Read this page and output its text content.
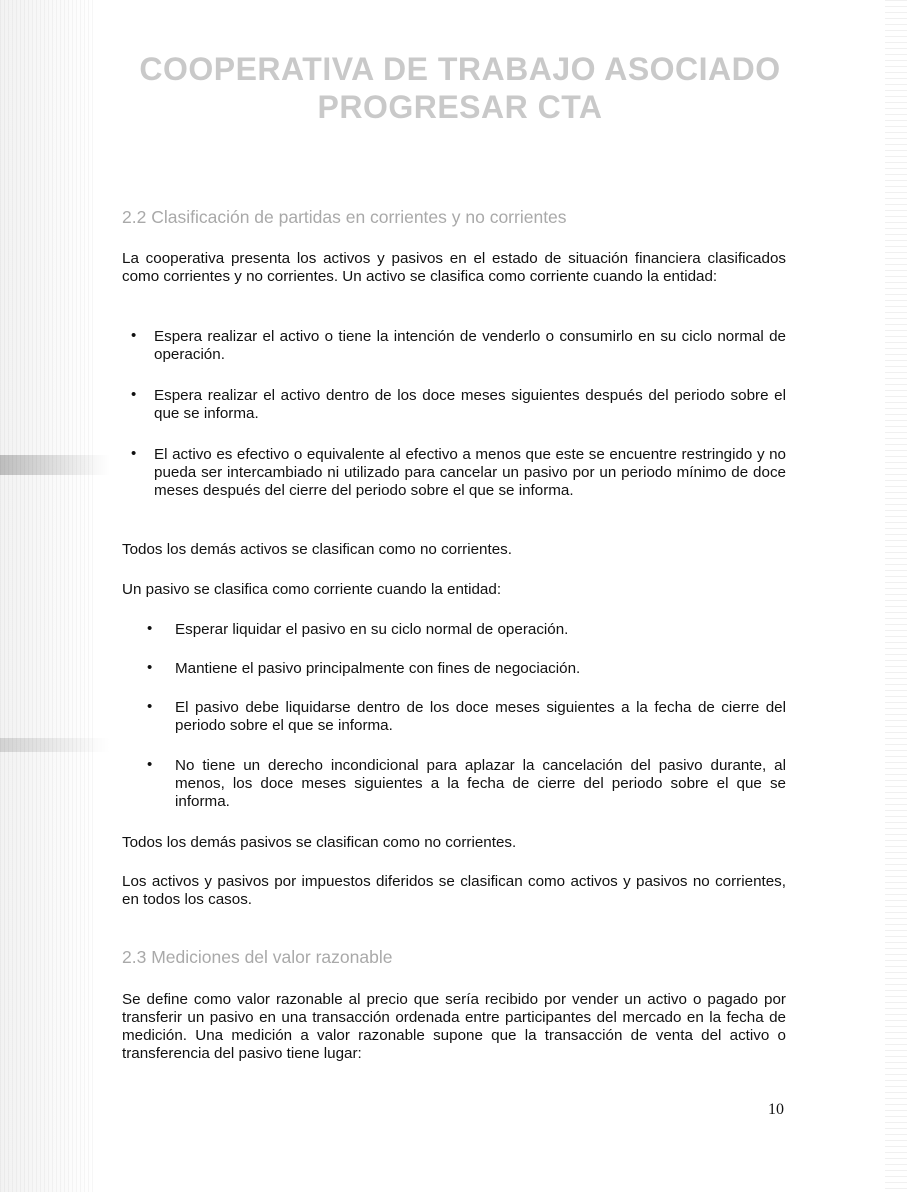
COOPERATIVA DE TRABAJO ASOCIADO
PROGRESAR CTA
2.2 Clasificación de partidas en corrientes y no corrientes

La cooperativa presenta los activos y pasivos en el estado de situación financiera clasificados como corrientes y no corrientes. Un activo se clasifica como corriente cuando la entidad:

• Espera realizar el activo o tiene la intención de venderlo o consumirlo en su ciclo normal de operación.
• Espera realizar el activo dentro de los doce meses siguientes después del periodo sobre el que se informa.
• El activo es efectivo o equivalente al efectivo a menos que este se encuentre restringido y no pueda ser intercambiado ni utilizado para cancelar un pasivo por un periodo mínimo de doce meses después del cierre del periodo sobre el que se informa.

Todos los demás activos se clasifican como no corrientes.

Un pasivo se clasifica como corriente cuando la entidad:

• Esperar liquidar el pasivo en su ciclo normal de operación.
• Mantiene el pasivo principalmente con fines de negociación.
• El pasivo debe liquidarse dentro de los doce meses siguientes a la fecha de cierre del periodo sobre el que se informa.
• No tiene un derecho incondicional para aplazar la cancelación del pasivo durante, al menos, los doce meses siguientes a la fecha de cierre del periodo sobre el que se informa.

Todos los demás pasivos se clasifican como no corrientes.

Los activos y pasivos por impuestos diferidos se clasifican como activos y pasivos no corrientes, en todos los casos.

2.3 Mediciones del valor razonable

Se define como valor razonable al precio que sería recibido por vender un activo o pagado por transferir un pasivo en una transacción ordenada entre participantes del mercado en la fecha de medición. Una medición a valor razonable supone que la transacción de venta del activo o transferencia del pasivo tiene lugar:

10
